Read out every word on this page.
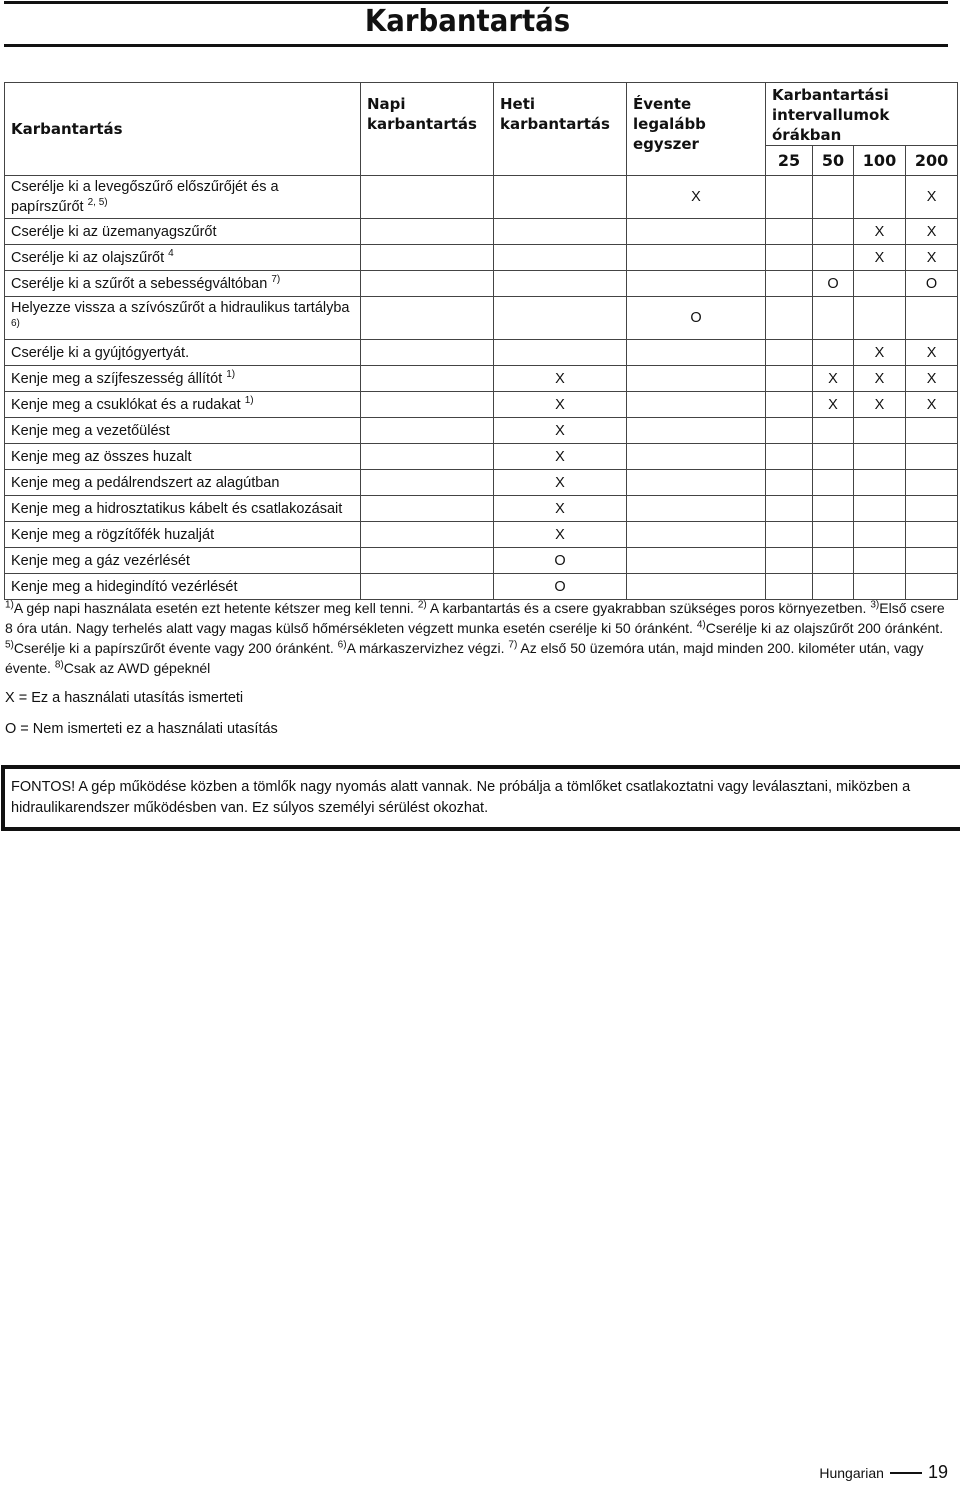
Karbantartás
Karbantartás	Napi karbantartás	Heti karbantartás	Évente legalább egyszer	Karbantartási intervallumok órákban			
				25	50	100	200
Cserélje ki a levegőszűrő előszűrőjét és a papírszűrőt $^{2, 5)}$			X				X
Cserélje ki az üzemanyagszűrőt						X	X
Cserélje ki az olajszűrőt $^4$						X	X
Cserélje ki a szűrőt a sebességváltóban $^{7)}$					O		O
Helyezze vissza a szívószűrőt a hidraulikus tartályba $^{6)}$			O				
Cserélje ki a gyújtógyertyát.						X	X
Kenje meg a szíjfeszesség állítót $^{1)}$		X			X	X	X
Kenje meg a csuklókat és a rudakat $^{1)}$		X			X	X	X
Kenje meg a vezetőülést		X					
Kenje meg az összes huzalt		X					
Kenje meg a pedálrendszert az alagútban		X					
Kenje meg a hidrosztatikus kábelt és csatlakozásait		X					
Kenje meg a rögzítőfék huzalját		X					
Kenje meg a gáz vezérlését		O					
Kenje meg a hidegindító vezérlését		O					
$^{1)}$A gép napi használata esetén ezt hetente kétszer meg kell tenni. $^{2)}$ A karbantartás és a csere gyakrabban szükséges poros környezetben. $^{3)}$Első csere 8 óra után. Nagy terhelés alatt vagy magas külső hőmérsékleten végzett munka esetén cserélje ki 50 óránként. $^{4)}$Cserélje ki az olajszűrőt 200 óránként. $^{5)}$Cserélje ki a papírszűrőt évente vagy 200 óránként. $^{6)}$A márkaszervizhez végzi. $^{7)}$ Az első 50 üzemóra után, majd minden 200. kilométer után, vagy évente. $^{8)}$Csak az AWD gépeknél
X = Ez a használati utasítás ismerteti
O = Nem ismerteti ez a használati utasítás
FONTOS! A gép működése közben a tömlők nagy nyomás alatt vannak. Ne próbálja a tömlőket csatlakoztatni vagy leválasztani, miközben a hidraulikarendszer működésben van. Ez súlyos személyi sérülést okozhat.
Hungarian 19
